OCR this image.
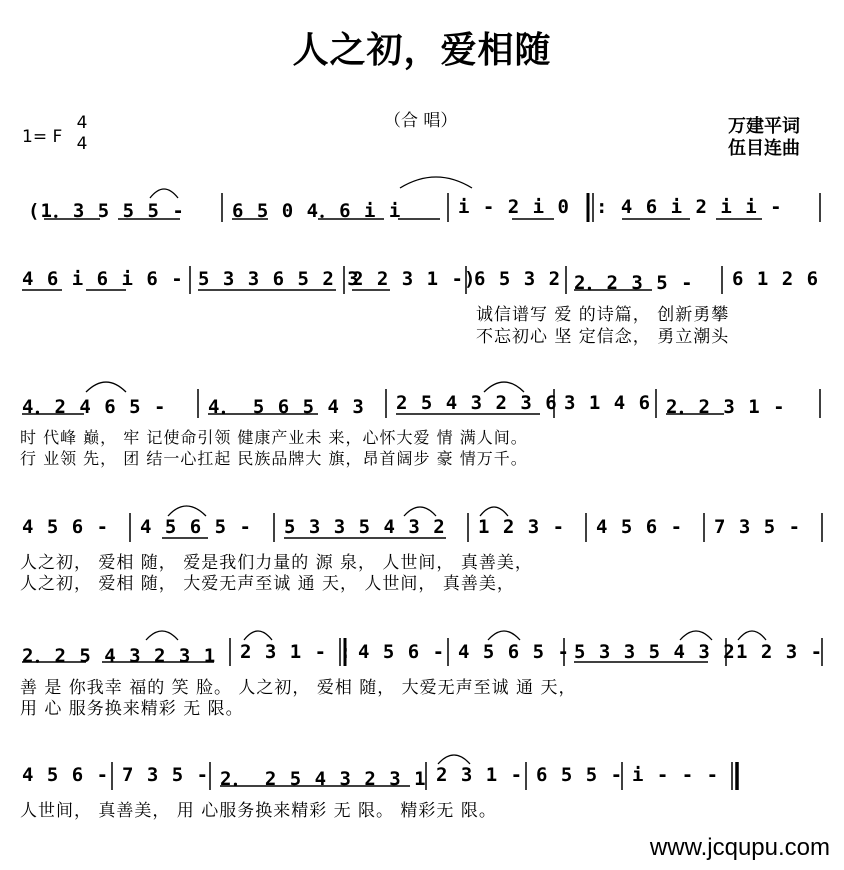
人之初，爱相随
1= F
4
4
（合 唱）	万建平词
伍目连曲
(1．3 5 5 5 - 6 5 0 4．6 i i	i - 2 i 0 : 4 6 i 2 i i -
4 6 i 6 i 6 - 5 3 3 6 5 2 3
2 2 3 1 -)
6 5 3 2 2．2 3 5 - 6 1 2 6
诚信谱写 爱 的诗篇， 创新勇攀
不忘初心 坚 定信念， 勇立潮头
4．2 4 6 5 - 4． 5 6 5 4 3 2 5 4 3 2 3 6 3 1 4 6 2．2 3 1 -
时 代峰 巅， 牢 记使命引领 健康产业未 来，心怀大爱 情 满人间。
行 业领 先， 团 结一心扛起 民族品牌大 旗，昂首阔步 豪 情万千。
4 5 6 - 4 5 6 5 - 5 3 3 5 4 3 2 1 2 3 - 4 5 6 - 7 3 5 -
人之初， 爱相 随， 爱是我们力量的 源 泉， 人世间， 真善美，
人之初， 爱相 随， 大爱无声至诚 通 天， 人世间， 真善美，
2．2 5 4 3 2 3 1 2 3 1 - : 4 5 6 - 4 5 6 5 - 5 3 3 5 4 3 2 1 2 3 -
善 是 你我幸 福的 笑 脸。 人之初， 爱相 随， 大爱无声至诚 通 天，
用 心 服务换来精彩 无 限。
4 5 6 - 7 3 5 - 2． 2 5 4 3 2 3 1 2 3 1 - 6 5 5 - i - - -
人世间， 真善美， 用 心服务换来精彩 无 限。 精彩无 限。
www.jcqupu.com
